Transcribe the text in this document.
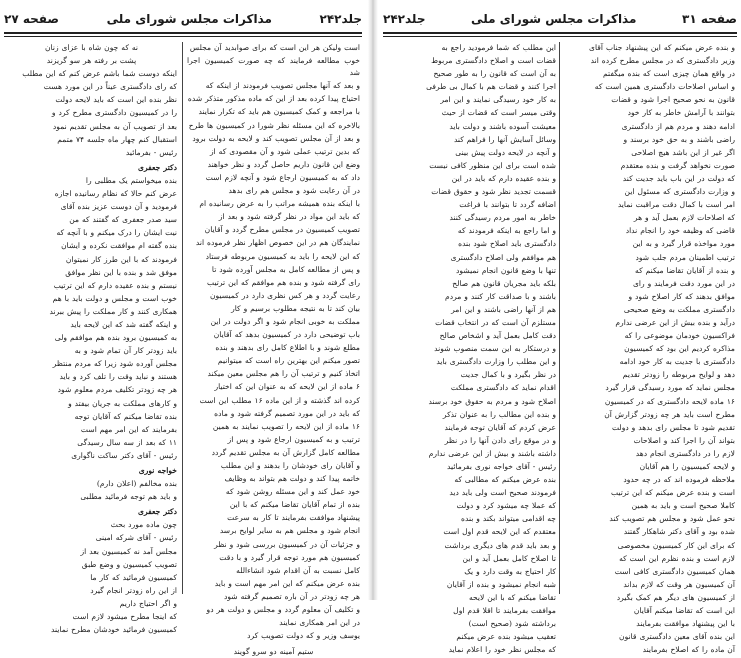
صفحه ۲۷	مذاکرات مجلس شورای ملی	جلد۲۴۲

است ولیکن هر این است که برای صوابدید آن مجلس

خوب مطالعه فرمایند که چه صورت کمیسیون اجرا شد

و بعد که آنها مجلس تصویب فرمودند از اینکه که

احتیاج پیدا کرده بعد از این که ماده مذکور متذکر شده

با مراجعه و کمک کمیسیون هم باید که تکرار نمایند

بالاخره که این مسئله نظر شورا در کمیسیون ها طرح

و بعد از آن مجلس تصویب کند و لایحه به دولت برود

که بدین ترتیب عملی شود و آن مقصودی که از

وضع این قانون داریم حاصل گردد و نظر خواهند

داد که به کمیسیون ارجاع شود و آنچه لازم است

در آن رعایت شود و مجلس هم رای بدهد

با اینکه بنده همیشه مراتب را به عرض رسانیده ام

که باید این مواد در نظر گرفته شود و بعد از

تصویب کمیسیون در مجلس مطرح گردد و آقایان

نمایندگان هم در این خصوص اظهار نظر فرموده اند

که این لایحه را باید به کمیسیون مربوطه فرستاد

و پس از مطالعه کامل به مجلس آورده شود تا

رای گرفته شود و بنده هم موافقم که این ترتیب

رعایت گردد و هر کس نظری دارد در کمیسیون

بیان کند تا به نتیجه مطلوب برسیم و کار

مملکت به خوبی انجام شود و اگر دولت در این

باب توضیحی دارد در کمیسیون بدهد که آقایان

مطلع شوند و با اطلاع کامل رای بدهند و بنده

تصور میکنم این بهترین راه است که میتوانیم

اتخاذ کنیم و ترتیب آن را هم مجلس معین میکند

۶ ماده از این لایحه که به عنوان این که اختیار

کرده اند گذشته و از این ماده ۱۶ مطلب این است

که باید در این مورد تصمیم گرفته شود و ماده

۱۶ ماده از این لایحه را تصویب نمایند به همین

ترتیب و به کمیسیون ارجاع شود و پس از

مطالعه کامل گزارش آن به مجلس تقدیم گردد

و آقایان رای خودشان را بدهند و این مطلب

خاتمه پیدا کند و دولت هم بتواند به وظایف

خود عمل کند و این مسئله روشن شود که

بنده از تمام آقایان تقاضا میکنم که با این

پیشنهاد موافقت بفرمایند تا کار به سرعت

انجام شود و مجلس هم به سایر لوایح برسد

و جزئیات آن در کمیسیون بررسی شود و نظر

کمیسیون هم مورد توجه قرار گیرد و با دقت

کامل نسبت به آن اقدام شود انشاءالله

بنده عرض میکنم که این امر مهم است و باید

هر چه زودتر در آن باره تصمیم گرفته شود

و تکلیف آن معلوم گردد و مجلس و دولت هر دو

در این امر همکاری نمایند

یوسف وزیر و که دولت تصویب کرد

ستیم آمینه دو سرو گویند

نه که چون شاه با عزای زنان

پشت بر رفته هر سو گریزند

اینکه دوست شما باشم عرض کنم که این مطلب

که رای دادگستری عیناً در این مورد هست

نظر بنده این است که باید لایحه دولت

را در کمیسیون دادگستری مطرح کرد و

بعد از تصویب آن به مجلس تقدیم نمود

استقبال کنم چهار ماه جلسه ۷۴ متمم

رئیس - بفرمائید

دکتر جعفری

بنده میخواستم یک مطلبی را

عرض کنم حالا که نظام رسانیده اجازه

فرمودید و آن دوست عزیز بنده آقای

سید صدر جعفری که گفتند که من

نیت ایشان را درک میکنم و با آنچه که

بنده گفته ام موافقت نکرده و ایشان

فرمودند که با این طرز کار نمیتوان

موفق شد و بنده با این نظر موافق

نیستم و بنده عقیده دارم که این ترتیب

خوب است و مجلس و دولت باید با هم

همکاری کنند و کار مملکت را پیش ببرند

و اینکه گفته شد که این لایحه باید

به کمیسیون برود بنده هم موافقم ولی

باید زودتر کار آن تمام شود و به

مجلس آورده شود زیرا که مردم منتظر

هستند و نباید وقت را تلف کرد و باید

هر چه زودتر تکلیف مردم معلوم شود

و کارهای مملکت به جریان بیفتد و

بنده تقاضا میکنم که آقایان توجه

بفرمایند که این امر مهم است

۱۱ که بعد از سه سال رسیدگی

رئیس - آقای دکتر ساکت ناگواری

خواجه نوری

بنده مخالفم (اعلان دارم)

و باید هم توجه فرمائید مطلبی

دکتر جعفری

چون ماده مورد بحث

رئیس - آقای شرکه امینی

مجلس آمد نه کمیسیون بعد از

تصویب کمیسیون و وضع طبق

کمیسیون فرمائید که کار ما

از این راه زودتر انجام گیرد

و اگر احتیاج داریم

که اینجا مطرح میشود لازم است

کمیسیون فرمائید خودشان مطرح نمایند

جلد۲۴۲	مذاکرات مجلس شورای ملی	صفحه ۳۱

و بنده عرض میکنم که این پیشنهاد جناب آقای

وزیر دادگستری که در مجلس مطرح کرده اند

در واقع همان چیزی است که بنده میگفتم

و اساس اصلاحات دادگستری همین است که

قانون به نحو صحیح اجرا شود و قضات

بتوانند با آرامش خاطر به کار خود

ادامه دهند و مردم هم از دادگستری

راضی باشند و به حق خود برسند و

اگر غیر از این باشد هیچ اصلاحی

صورت نخواهد گرفت و بنده معتقدم

که دولت در این باب باید جدیت کند

و وزارت دادگستری که مسئول این

امر است با کمال دقت مراقبت نماید

که اصلاحات لازم بعمل آید و هر

قاضی که وظیفه خود را انجام نداد

مورد مواخذه قرار گیرد و به این

ترتیب اطمینان مردم جلب شود

و بنده از آقایان تقاضا میکنم که

در این مورد دقت فرمایند و رای

موافق بدهند که کار اصلاح شود و

دادگستری مملکت به وضع صحیحی

درآید و بنده بیش از این عرضی ندارم

فراکسیون خودمان موضوعی را که

مذاکره کردیم این بود که کمیسیون

دادگستری با جدیت به کار خود ادامه

دهد و لوایح مربوطه را زودتر تقدیم

مجلس نماید که مورد رسیدگی قرار گیرد

۱۶ ماده لایحه دادگستری که در کمیسیون

مطرح است باید هر چه زودتر گزارش آن

تقدیم شود تا مجلس رای بدهد و دولت

بتواند آن را اجرا کند و اصلاحات

لازم را در دادگستری انجام دهد

و لایحه کمیسیون را هم آقایان

ملاحظه فرموده اند که در چه حدود

است و بنده عرض میکنم که این ترتیب

کاملا صحیح است و باید به همین

نحو عمل شود و مجلس هم تصویب کند

شده بود و آقای دکتر شاهکار گفتند

که برای این کار کمیسیون مخصوصی

لازم است و بنده نظرم این است که

همان کمیسیون دادگستری کافی است

آن کمیسیون هر وقت که لازم بداند

از کمیسیون های دیگر هم کمک بگیرد

این است که تقاضا میکنم آقایان

با این پیشنهاد موافقت بفرمایند

این بنده آقای معین دادگستری قانون

آن ماده را که اصلاح بفرمایند

این مطلب که شما فرمودید راجع به

قضات است و اصلاح دادگستری مربوط

به آن است که قانون را به طور صحیح

اجرا کنند و قضات هم با کمال بی طرفی

به کار خود رسیدگی نمایند و این امر

وقتی میسر است که قضات از حیث

معیشت آسوده باشند و دولت باید

وسائل آسایش آنها را فراهم کند

و آنچه در لایحه دولت پیش بینی

شده است برای این منظور کافی نیست

و بنده عقیده دارم که باید در این

قسمت تجدید نظر شود و حقوق قضات

اضافه گردد تا بتوانند با فراغت

خاطر به امور مردم رسیدگی کنند

و اما راجع به اینکه فرمودند که

دادگستری باید اصلاح شود بنده

هم موافقم ولی اصلاح دادگستری

تنها با وضع قانون انجام نمیشود

بلکه باید مجریان قانون هم صالح

باشند و با صداقت کار کنند و مردم

هم از آنها راضی باشند و این امر

مستلزم آن است که در انتخاب قضات

دقت کامل بعمل آید و اشخاص صالح

و درستکار به این سمت منصوب شوند

و این مطلب را وزارت دادگستری باید

در نظر بگیرد و با کمال جدیت

اقدام نماید که دادگستری مملکت

اصلاح شود و مردم به حقوق خود برسند

و بنده این مطالب را به عنوان تذکر

عرض کردم که آقایان توجه فرمایند

و در موقع رای دادن آنها را در نظر

داشته باشند و بیش از این عرضی ندارم

رئیس - آقای خواجه نوری بفرمائید

بنده عرض میکنم که مطالبی که

فرمودند صحیح است ولی باید دید

که عملا چه میشود کرد و دولت

چه اقدامی میتواند بکند و بنده

معتقدم که این لایحه قدم اول است

و بعد باید قدم های دیگری برداشت

تا اصلاح کامل بعمل آید و این

کار احتیاج به وقت دارد و یک

شبه انجام نمیشود و بنده از آقایان

تقاضا میکنم که با این لایحه

موافقت بفرمایند تا اقلا قدم اول

برداشته شود (صحیح است)

تعقیب میشود بنده عرض میکنم

که مجلس نظر خود را اعلام نماید
